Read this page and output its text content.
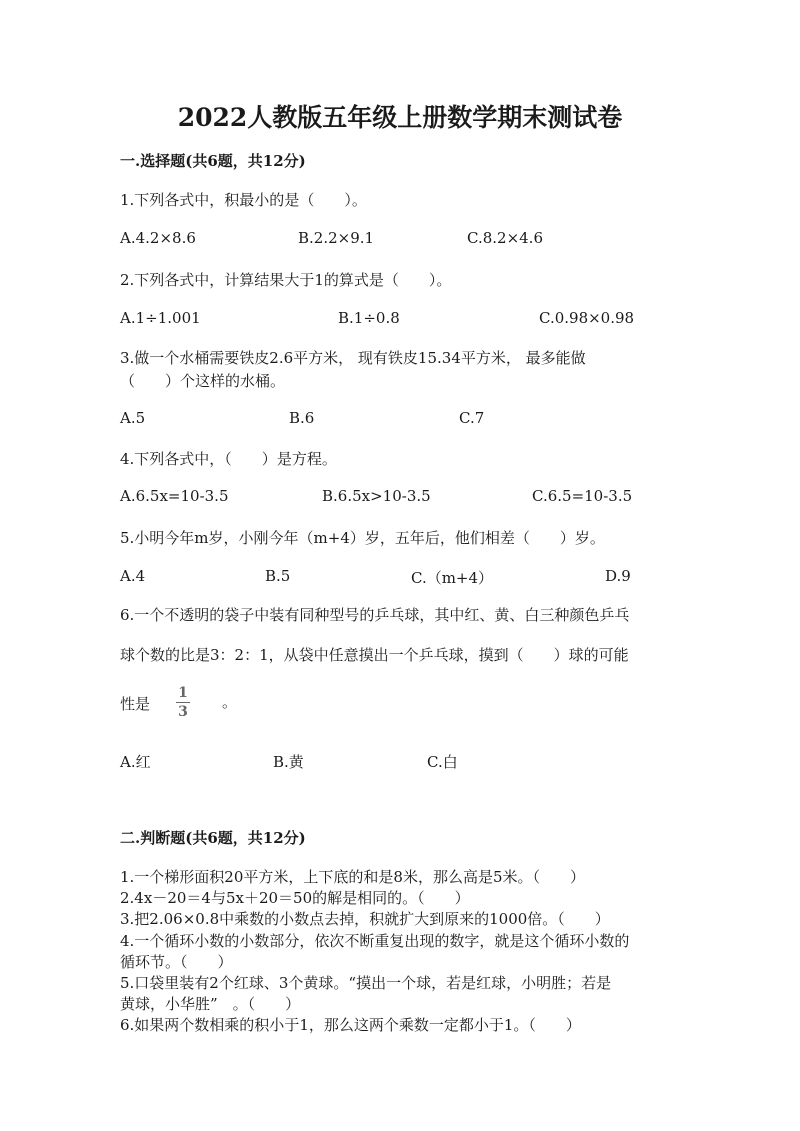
2022人教版五年级上册数学期末测试卷
一.选择题(共6题，共12分)
1.下列各式中，积最小的是（　　）。
A.4.2×8.6	B.2.2×9.1	C.8.2×4.6
2.下列各式中，计算结果大于1的算式是（　　）。
A.1÷1.001	B.1÷0.8	C.0.98×0.98
3.做一个水桶需要铁皮2.6平方米， 现有铁皮15.34平方米， 最多能做
（　　）个这样的水桶。
A.5	B.6	C.7
4.下列各式中，（　　）是方程。
A.6.5x=10-3.5	B.6.5x>10-3.5	C.6.5=10-3.5
5.小明今年m岁，小刚今年（m+4）岁，五年后，他们相差（　　）岁。
A.4	B.5	C.（m+4）	D.9
6.一个不透明的袋子中装有同种型号的乒乓球，其中红、黄、白三种颜色乒乓
球个数的比是3：2：1，从袋中任意摸出一个乒乓球，摸到（　　）球的可能
性是
1
3
。
A.红	B.黄	C.白
二.判断题(共6题，共12分)
1.一个梯形面积20平方米，上下底的和是8米，那么高是5米。（　　）
2.4x－20＝4与5x＋20＝50的解是相同的。（　　）
3.把2.06×0.8中乘数的小数点去掉，积就扩大到原来的1000倍。（　　）
4.一个循环小数的小数部分，依次不断重复出现的数字，就是这个循环小数的
循环节。（　　）
5.口袋里装有2个红球、3个黄球。“摸出一个球，若是红球，小明胜；若是
黄球，小华胜”　。（　　）
6.如果两个数相乘的积小于1，那么这两个乘数一定都小于1。（　　）
